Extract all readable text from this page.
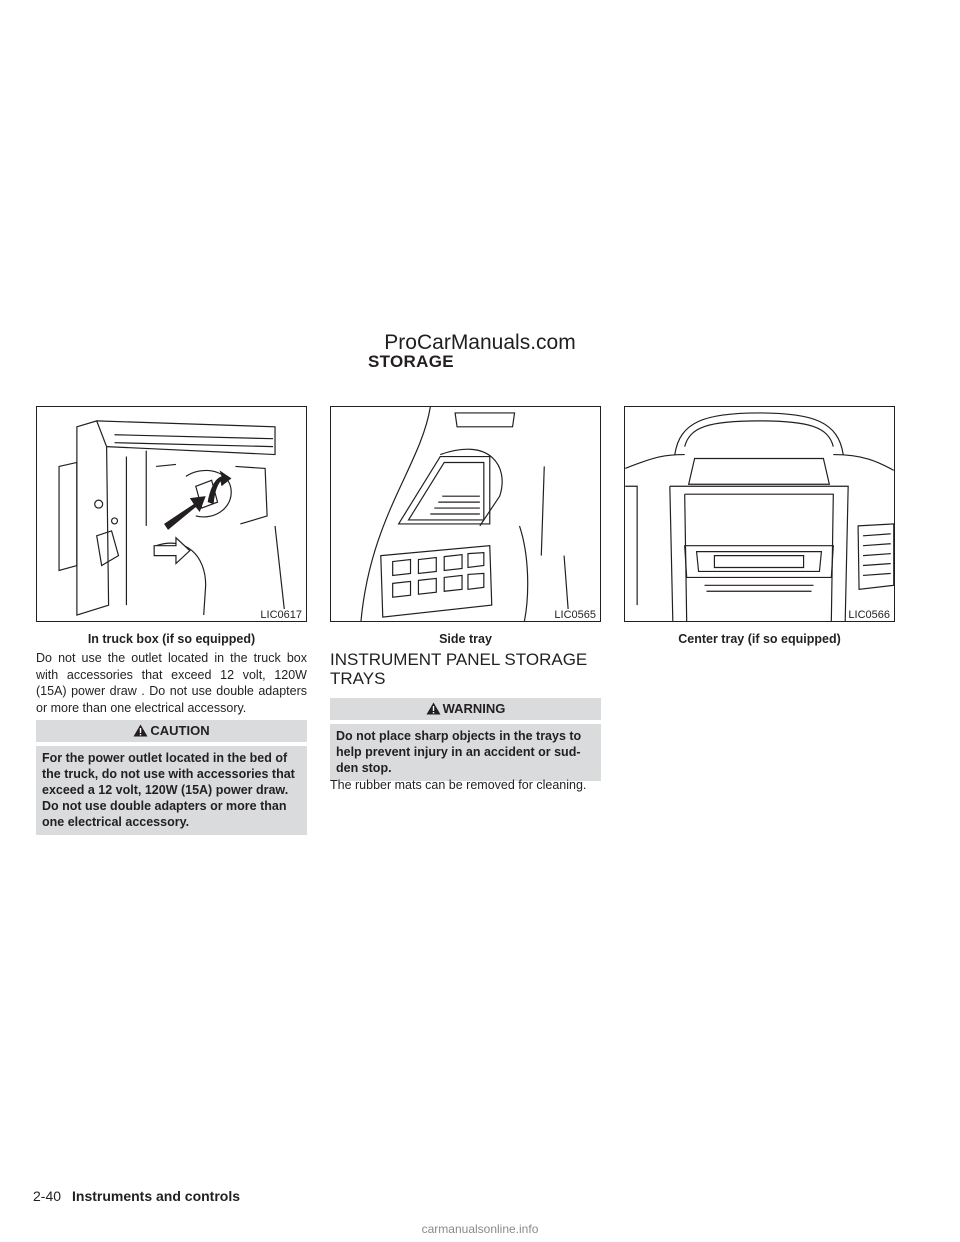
ProCarManuals.com
STORAGE
LIC0617
In truck box (if so equipped)
LIC0565
Side tray
LIC0566
Center tray (if so equipped)
Do not use the outlet located in the truck box with accessories that exceed 12 volt, 120W (15A) power draw . Do not use double adapters or more than one electrical accessory.
CAUTION
For the power outlet located in the bed of the truck, do not use with accessories that exceed a 12 volt, 120W (15A) power draw. Do not use double adapters or more than one electrical accessory.
INSTRUMENT PANEL STORAGE TRAYS
WARNING
Do not place sharp objects in the trays to help prevent injury in an accident or sud-den stop.
The rubber mats can be removed for cleaning.
2-40 Instruments and controls
carmanualsonline.info
